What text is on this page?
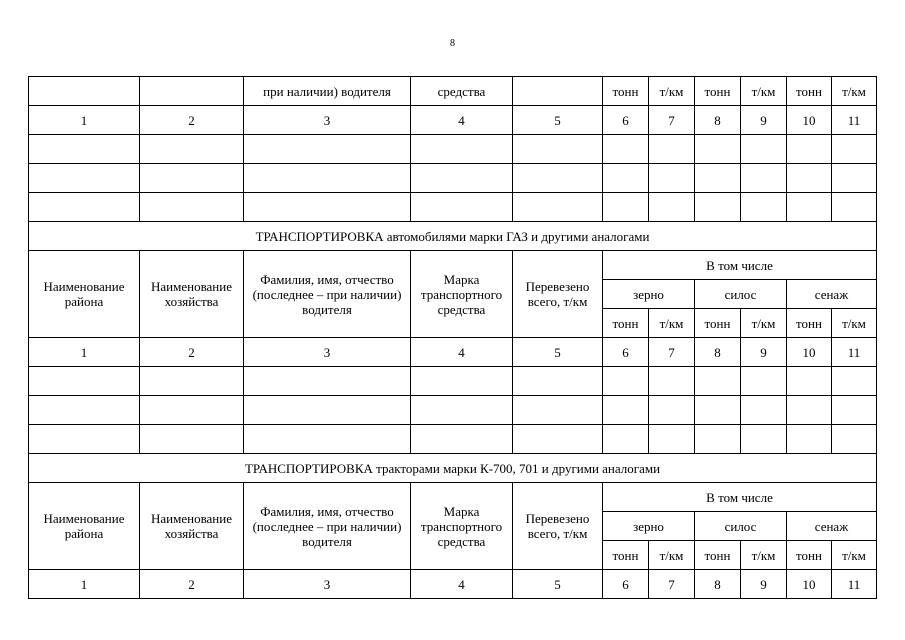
8
		при наличии) водителя	средства		тонн	т/км	тонн	т/км	тонн	т/км
1	2	3	4	5	6	7	8	9	10	11

ТРАНСПОРТИРОВКА автомобилями марки ГАЗ и другими аналогами										
Наименование района	Наименование хозяйства	Фамилия, имя, отчество (последнее – при наличии) водителя	Марка транспортного средства	Перевезено всего, т/км	В том числе					
					зерно		силос		сенаж	
					тонн	т/км	тонн	т/км	тонн	т/км
1	2	3	4	5	6	7	8	9	10	11

ТРАНСПОРТИРОВКА тракторами марки К-700, 701 и другими аналогами										
Наименование района	Наименование хозяйства	Фамилия, имя, отчество (последнее – при наличии) водителя	Марка транспортного средства	Перевезено всего, т/км	В том числе					
					зерно		силос		сенаж	
					тонн	т/км	тонн	т/км	тонн	т/км
1	2	3	4	5	6	7	8	9	10	11
